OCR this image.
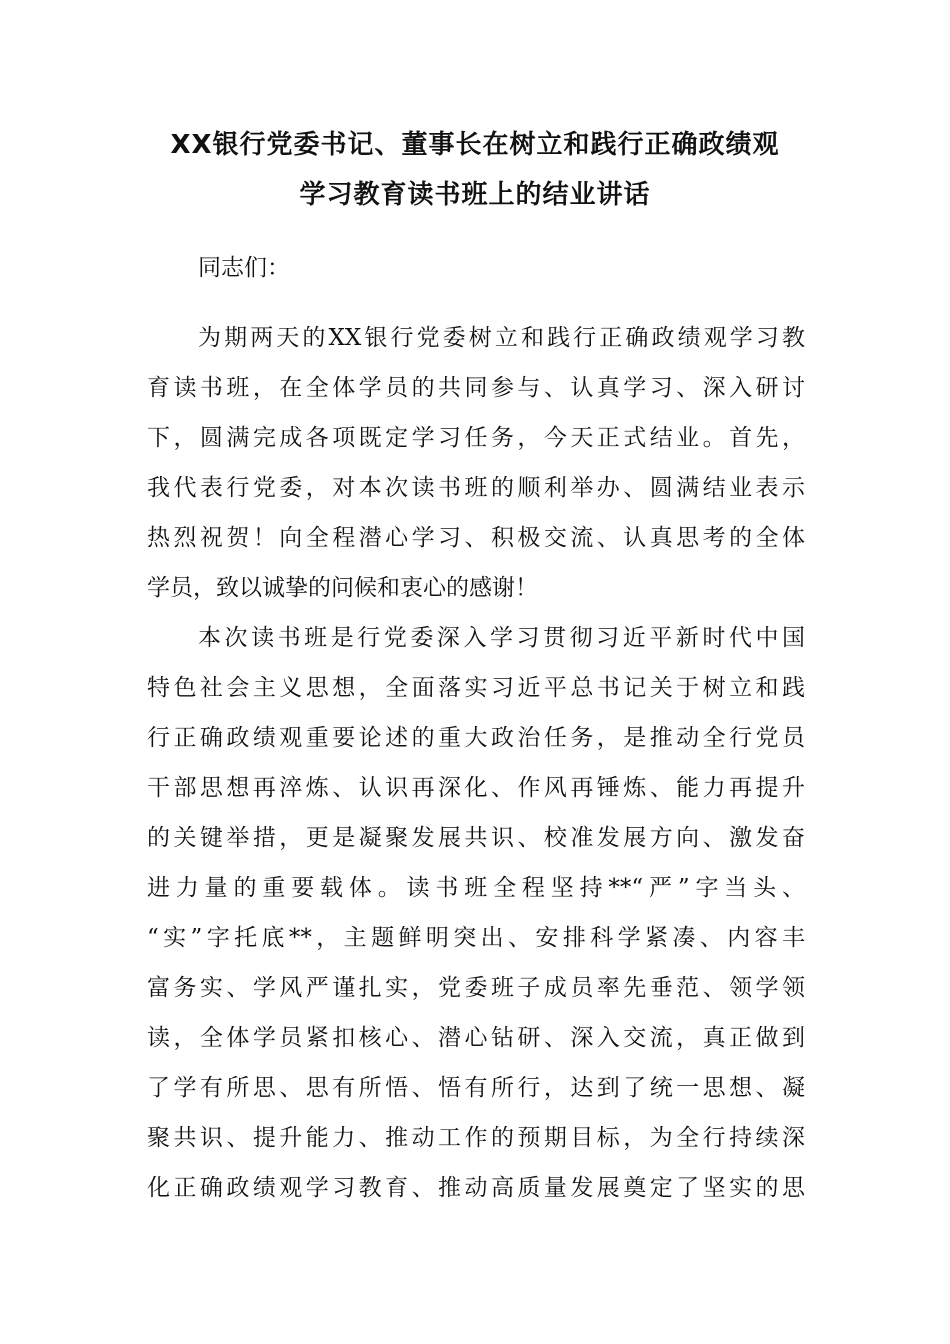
XX银行党委书记、董事长在树立和践行正确政绩观
学习教育读书班上的结业讲话
同志们：
为期两天的XX银行党委树立和践行正确政绩观学习教
育读书班，在全体学员的共同参与、认真学习、深入研讨
下，圆满完成各项既定学习任务，今天正式结业。首先，
我代表行党委，对本次读书班的顺利举办、圆满结业表示
热烈祝贺！向全程潜心学习、积极交流、认真思考的全体
学员，致以诚挚的问候和衷心的感谢！
本次读书班是行党委深入学习贯彻习近平新时代中国
特色社会主义思想，全面落实习近平总书记关于树立和践
行正确政绩观重要论述的重大政治任务，是推动全行党员
干部思想再淬炼、认识再深化、作风再锤炼、能力再提升
的关键举措，更是凝聚发展共识、校准发展方向、激发奋
进力量的重要载体。读书班全程坚持**“严”字当头、
“实”字托底**，主题鲜明突出、安排科学紧凑、内容丰
富务实、学风严谨扎实，党委班子成员率先垂范、领学领
读，全体学员紧扣核心、潜心钻研、深入交流，真正做到
了学有所思、思有所悟、悟有所行，达到了统一思想、凝
聚共识、提升能力、推动工作的预期目标，为全行持续深
化正确政绩观学习教育、推动高质量发展奠定了坚实的思
